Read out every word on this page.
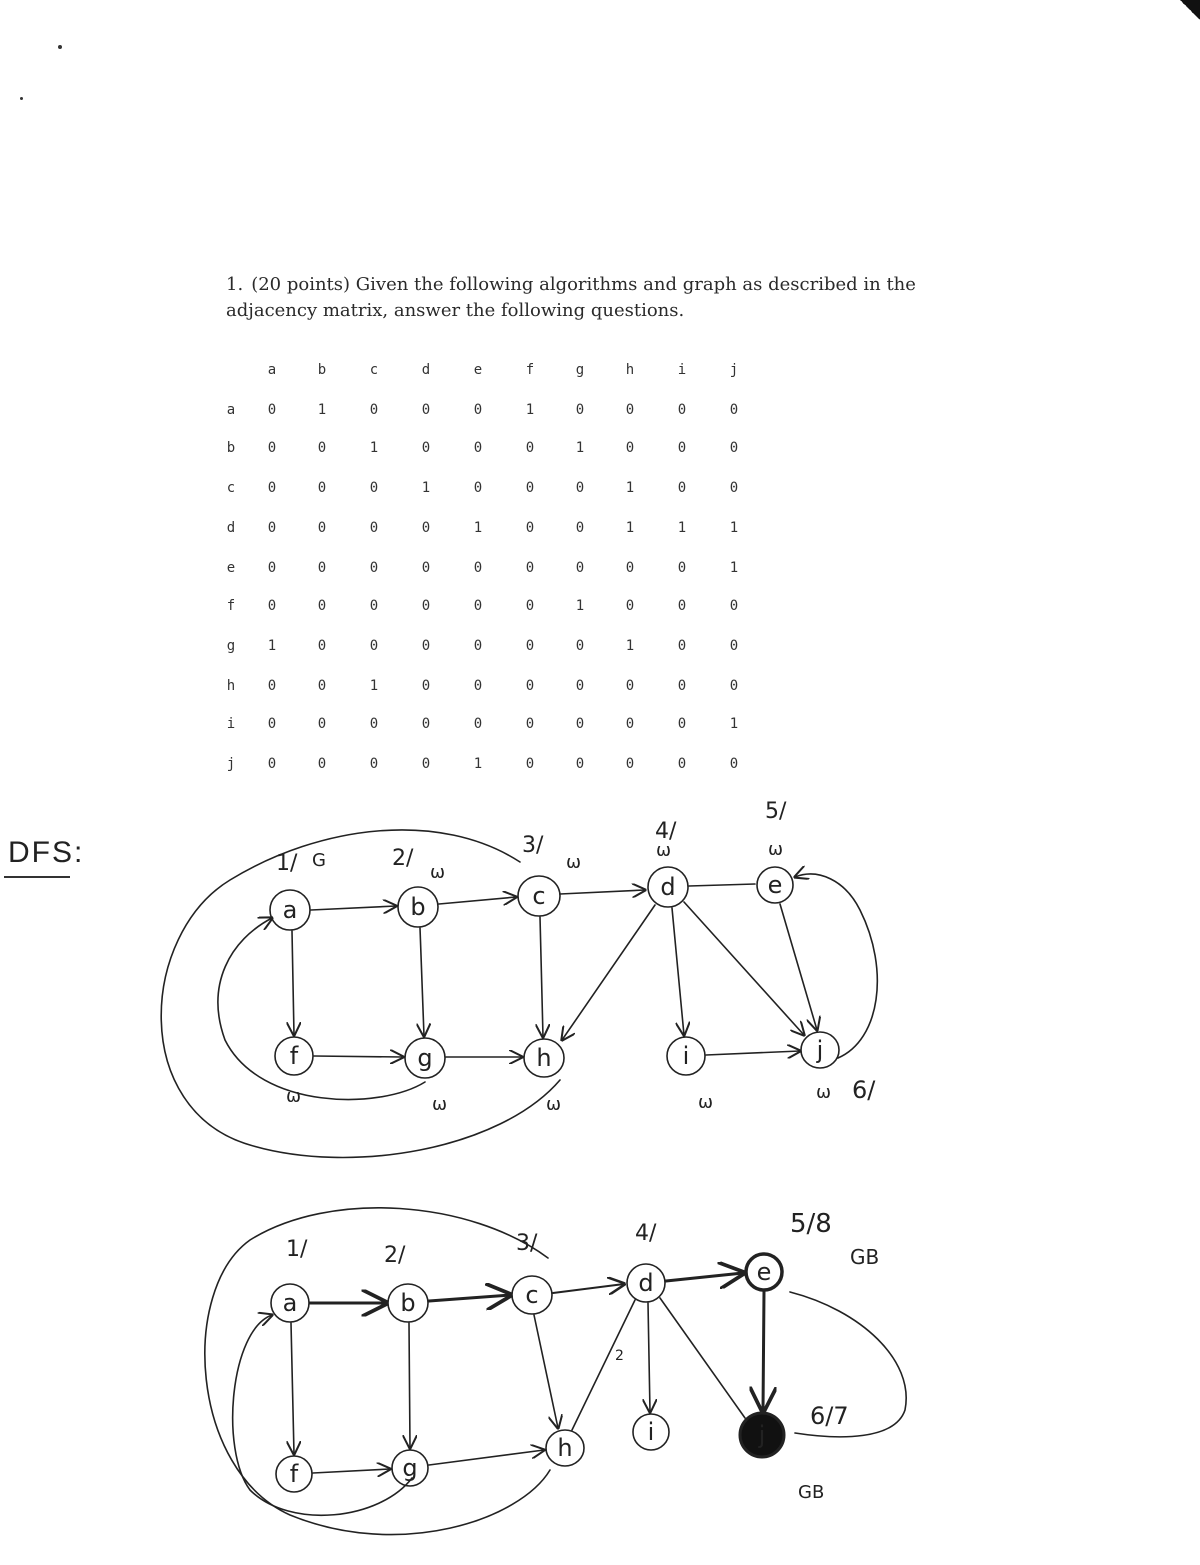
1. (20 points) Given the following algorithms and graph as described in the adjacency matrix, answer the following questions.
a	b	c	d	e	f	g	h	i	j
a	0	1	0	0	0	1	0	0	0	0
b	0	0	1	0	0	0	1	0	0	0
c	0	0	0	1	0	0	0	1	0	0
d	0	0	0	0	1	0	0	1	1	1
e	0	0	0	0	0	0	0	0	0	1
f	0	0	0	0	0	0	1	0	0	0
g	1	0	0	0	0	0	0	1	0	0
h	0	0	1	0	0	0	0	0	0	0
i	0	0	0	0	0	0	0	0	0	1
j	0	0	0	0	1	0	0	0	0	0
DFS:
a	b	c	d	e
f	g	h	i	j
1/ G	2/
ω
3/
ω
4/
ω
5/
ω
ω	ω	ω	ω	ω 6/
a	b	c	d	e
f	g
h
i	j
1/	2/	3/	4/	5/8
GB
6/7
GB
2
